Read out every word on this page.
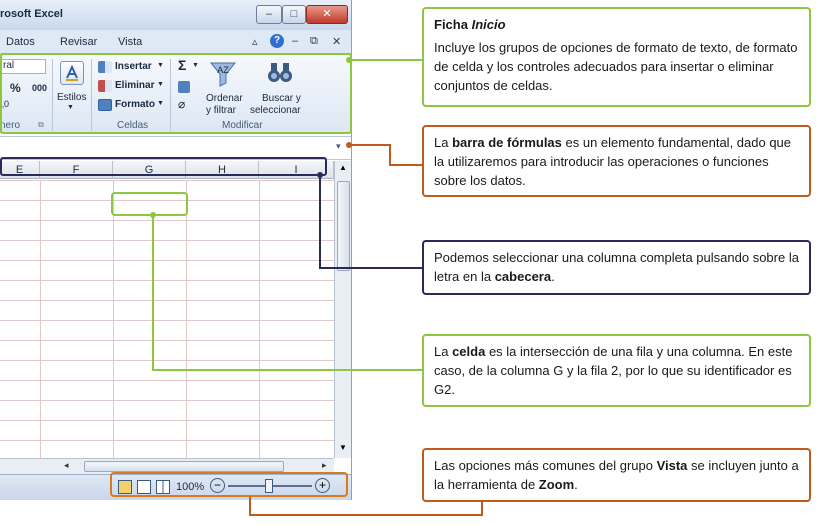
rosoft Excel	–	□	✕
Datos Revisar Vista	▵	?	– ⧉ ✕
ral
% 000
‚0
nero ⧉
Estilos
▼
Insertar ▼
Eliminar ▼
Formato ▼
Celdas
Σ ▼
⌀
AZ
Ordenar
y filtrar
Buscar y
seleccionar
Modificar
▾
E	F	G	H	I	▲
▼
◂	▸
100% −	+
Ficha Inicio
Incluye los grupos de opciones de formato de texto, de formato de celda y los controles adecuados para insertar o eliminar conjuntos de celdas.
La barra de fórmulas es un elemento fundamental, dado que la utilizaremos para introducir las operaciones o funciones sobre los datos.
Podemos seleccionar una columna completa pulsando sobre la letra en la cabecera.
La celda es la intersección de una fila y una columna. En este caso, de la columna G y la fila 2, por lo que su identificador es G2.
Las opciones más comunes del grupo Vista se incluyen junto a la herramienta de Zoom.
